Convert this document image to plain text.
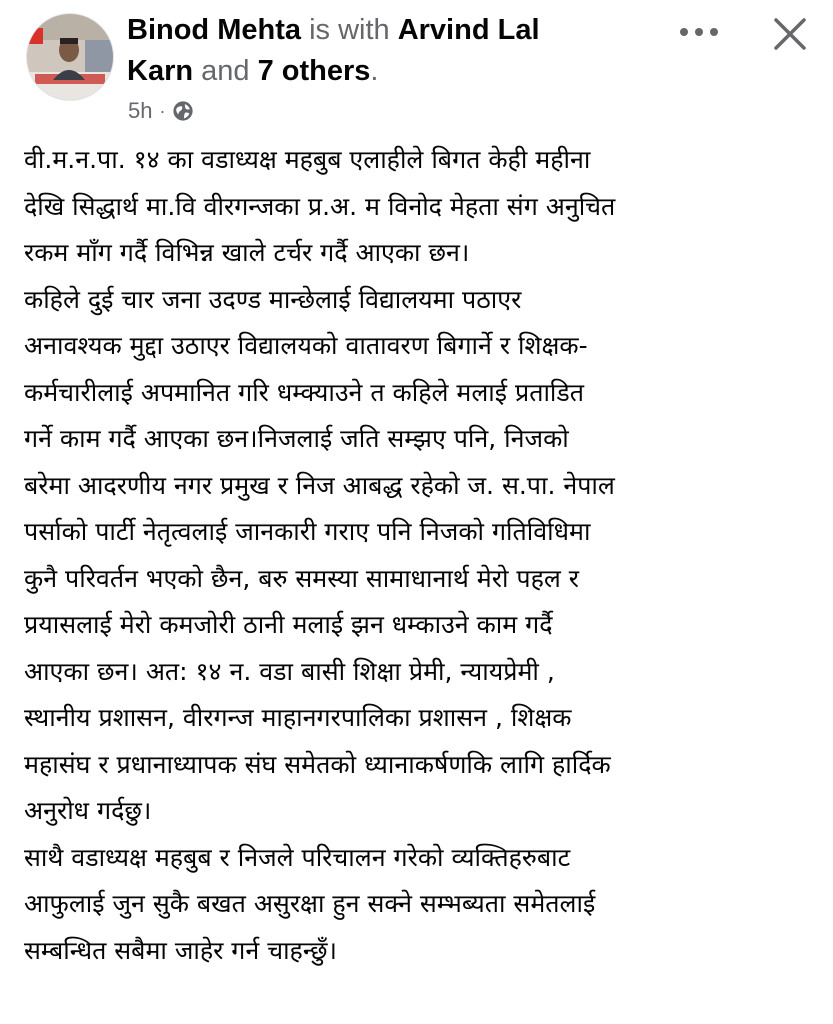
Binod Mehta is with Arvind Lal
Karn and 7 others.
5h ·
वी.म.न.पा. १४ का वडाध्यक्ष महबुब एलाहीले बिगत केही महीना
देखि सिद्धार्थ मा.वि वीरगन्जका प्र.अ. म विनोद मेहता संग अनुचित
रकम माँग गर्दै विभिन्न खाले टर्चर गर्दै आएका छन।
कहिले दुई चार जना उदण्ड मान्छेलाई विद्यालयमा पठाएर
अनावश्यक मुद्दा उठाएर विद्यालयको वातावरण बिगार्ने र शिक्षक-
कर्मचारीलाई अपमानित गरि धम्क्याउने त कहिले मलाई प्रताडित
गर्ने काम गर्दै आएका छन।निजलाई जति सम्झए पनि, निजको
बरेमा आदरणीय नगर प्रमुख र निज आबद्ध रहेको ज. स.पा. नेपाल
पर्साको पार्टी नेतृत्वलाई जानकारी गराए पनि निजको गतिविधिमा
कुनै परिवर्तन भएको छैन, बरु समस्या सामाधानार्थ मेरो पहल र
प्रयासलाई मेरो कमजोरी ठानी मलाई झन धम्काउने काम गर्दै
आएका छन। अत: १४ न. वडा बासी शिक्षा प्रेमी, न्यायप्रेमी ,
स्थानीय प्रशासन, वीरगन्ज माहानगरपालिका प्रशासन , शिक्षक
महासंघ र प्रधानाध्यापक संघ समेतको ध्यानाकर्षणकि लागि हार्दिक
अनुरोध गर्दछु।
साथै वडाध्यक्ष महबुब र निजले परिचालन गरेको व्यक्तिहरुबाट
आफुलाई जुन सुकै बखत असुरक्षा हुन सक्ने सम्भब्यता समेतलाई
सम्बन्धित सबैमा जाहेर गर्न चाहन्छुँ।
